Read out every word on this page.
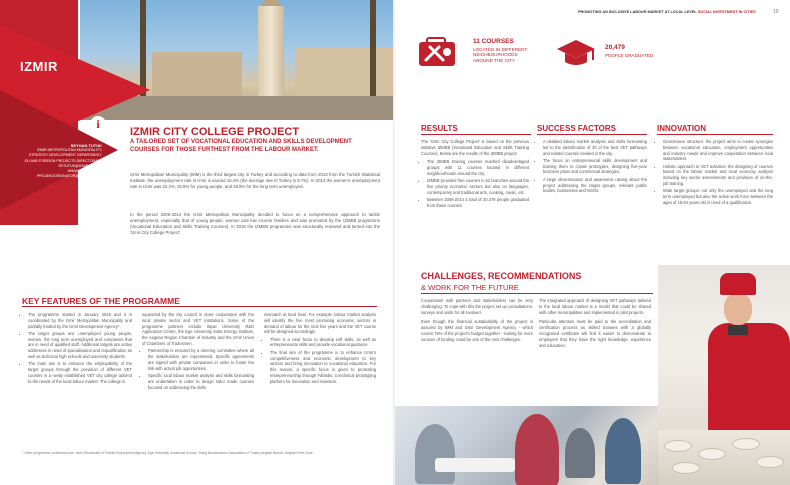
IZMIR
i
SEYHAN TUTUK
IZMIR METROPOLITAN MUNICIPALITY,
STRATEGY DEVELOPMENT DEPARTMENT,
EU AND FOREIGN PROJECTS DIRECTORATE
SETUTUK@IZMIR.BEL.TR
WWW.IZMIR.BEL.TR
PROJEKOORDINATOR@IZKA.ORG.TR
IZMIR CITY COLLEGE PROJECT
A TAILORED SET OF VOCATIONAL EDUCATION AND SKILLS DEVELOPMENT COURSES FOR THOSE FURTHEST FROM THE LABOUR MARKET.
Izmir Metropolitan Municipality (IMM) is the third largest city in Turkey and according to data from 2013 from the Turkish Statistical Institute, the unemployment rate in Izmir is around 15.4% (the average rate in Turkey is 9.7%). In 2013 the women's unemployment rate in Izmir was 22.2%, 25.8% for young people, and 28.8% for the long term unemployed.
In the period 2006-2014 the Izmir Metropolitan Municipality decided to focus on a comprehensive approach to tackle unemployment, especially that of young people, women and low income families and was promoted by the IZMEB programme (Vocational Education and Skills Training Courses). In 2015 the IZMEB programme was structurally renewed and turned into the 'Izmir City College Project'.
KEY FEATURES OF THE PROGRAMME
• The programme started in January 2015 and it is coordinated by the Izmir Metropolitan Municipality and partially funded by the Izmir Development Agency*.
• The target groups are: unemployed young people, women, the long term unemployed and companies that are in need of qualified staff. Additional targets are active addresses in need of specialisation and requalification as well as technical high schools and university students.
• The main aim is to enhance the employability of the target groups through the provision of different VET courses in a newly established VET city college tailored to the needs of the local labour market. The college is
supported by the city council in close cooperation with the local private sector and VET institutions. Some of the programme partners include Ilayar University R&D Application Centre, the Ege University Solar Energy Institute, the Aegean Region Chamber of Industry and the Izmir Union of Chambers of Tradesmen.
• Partnership is ensured by a steering committee where all the stakeholders are represented. Specific agreements are signed with private companies in order to foster the link with actual job opportunities.
• Specific local labour market analysis and skills forecasting are undertaken in order to design tailor made courses focused on addressing the skills
mismatch at local level. For example, labour market analysis will identify the five most promising economic sectors in demand of labour for the next five years and the VET course will be designed accordingly.
• There is a clear focus to develop soft skills, as well as entrepreneurial skills and provide vocational guidance.
• The final aim of the programme is to enhance Izmir's competitiveness and economic development to key sectors and bring innovation to vocational education. For this reason, a specific focus is given to promoting entrepreneurship through Fablabs, a technical prototyping platform for innovation and invention.
* Other programme contributors are: Izmir Directorate of Turkish Employment Agency, Ege University Vocational School, Young Businessmen Association of Turkey Aegean Branch, Aegean Free Zone.
PROMOTING AN INCLUSIVE LABOUR MARKET AT LOCAL LEVEL SOCIAL INVESTMENT IN CITIES	19
11 COURSES
LOCATED IN DIFFERENT NEIGHBOURHOODS AROUND THE CITY
20,479
PEOPLE GRADUATED
RESULTS
The 'Izmir City College Project' is based on the previous initiative IZMEB (Vocational Education and Skills Training Courses). Below are the results of the IZMEB project:
• The IZMEB training courses reached disadvantaged groups with 11 courses located in different neighbourhoods around the city.
• IZMEB provided free courses in 62 branches around the five priority economic sectors but also on languages, contemporary and traditional arts, cooking, music, etc.
• Between 2006-2014 a total of 20,479 people graduated from these courses.
SUCCESS FACTORS
• A detailed labour market analysis and skills forecasting led to the identification of 20 of the best VET pathways and related courses needed in the city.
• The focus on entrepreneurial skills development and training them to create prototypes, designing five-year business plans and commercial strategies.
• A large dissemination and awareness raising about the project addressing the target groups, relevant public bodies, businesses and NGOs.
INNOVATION
• Governance structure: the project aims to create synergies between vocational education, employment opportunities and industry needs and improve cooperation between local stakeholders.
• Holistic approach to VET activities: the designing of courses based on the labour market and local economy analysis including key sector assessments and provision of on-the-job training.
• Wide target groups: not only the unemployed and the long term unemployed but also the active work force between the ages of 15-64 years old in need of a qualification.
CHALLENGES, RECOMMENDATIONS
& WORK FOR THE FUTURE
Cooperation with partners and stakeholders can be very challenging. To cope with this the project set up consultations, surveys and visits for all involved.
Even though the financial sustainability of the project is assured by IMM and Izmir Development Agency - which covers 75% of the project's budget together - looking for more sources of funding could be one of the next challenges.
The integrated approach of designing VET pathways tailored to the local labour market is a model that could be shared with other municipalities and implemented in pilot projects.
Particular attention must be paid to the accreditation and certification process as skilled trainees with a globally recognised certificate will find it easier to demonstrate to employers that they have the right knowledge, experience and education.
